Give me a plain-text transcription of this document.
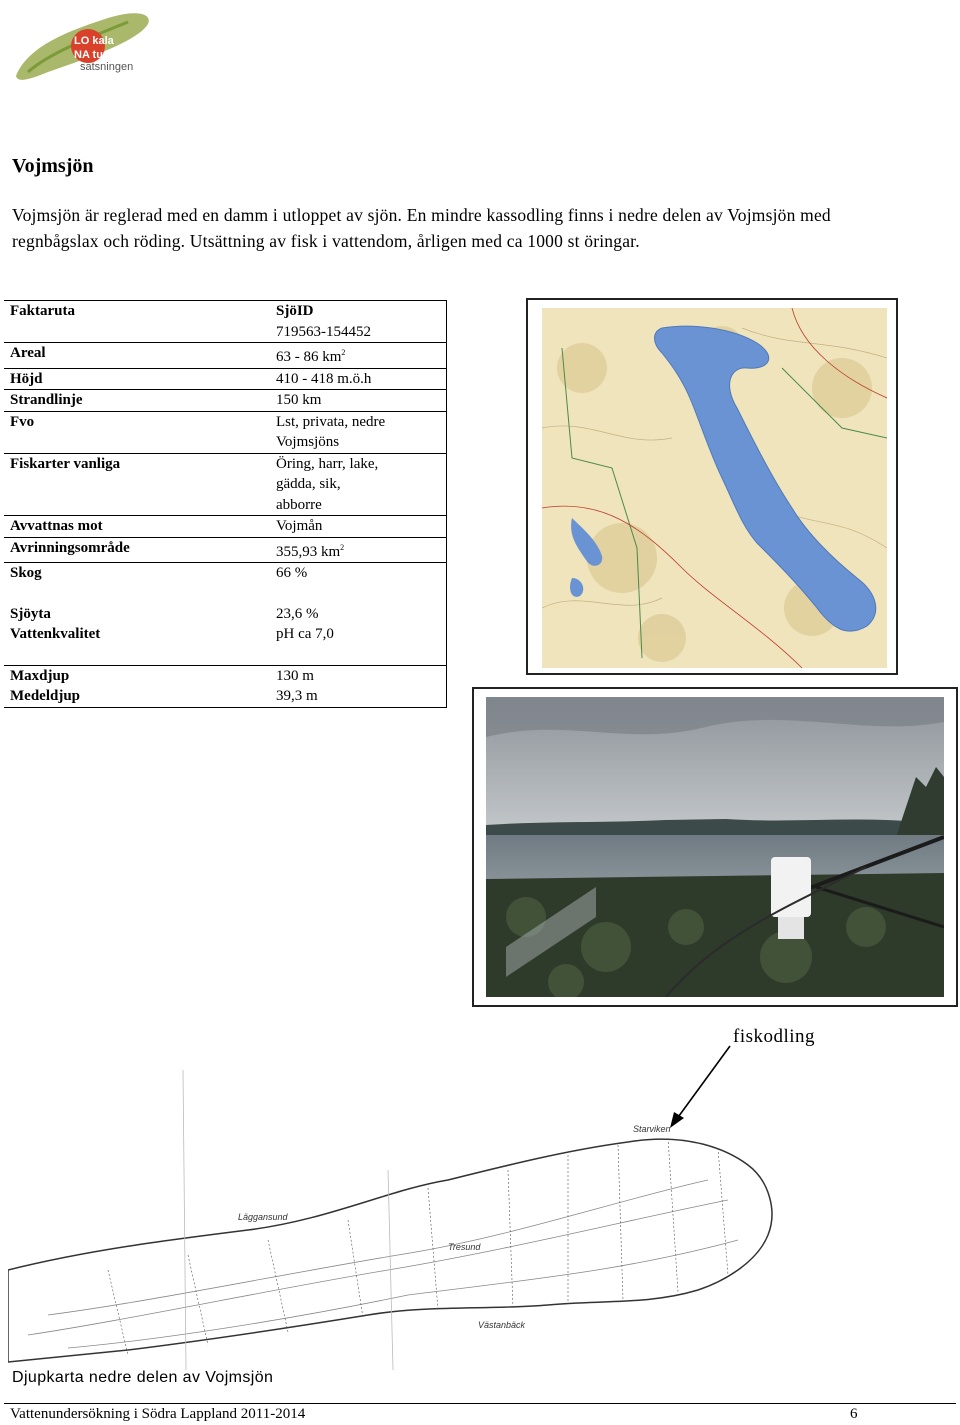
LO kala
NA turvårds
satsningen
Vojmsjön
Vojmsjön är reglerad med en damm i utloppet av sjön. En mindre kassodling finns i nedre delen av Vojmsjön med regnbågslax och röding. Utsättning av fisk i vattendom, årligen med ca 1000 st öringar.
Faktaruta	SjöID
719563-154452

Areal	63 - 86 $km^2$
Höjd	410 - 418 m.ö.h

Strandlinje	150 km
Fvo	Lst, privata, nedre Vojmsjöns

Fiskarter vanliga	Öring, harr, lake, gädda, sik, abborre

Avvattnas mot	Vojmån
Avrinningsområde	355,93 $km^2$
Skog	66 %

Sjöyta	23,6 %
Vattenkvalitet	pH ca 7,0

Maxdjup	130 m
Medeldjup	39,3 m
fiskodling
Starviken
Läggansund
Tresund
Västanbäck
Djupkarta nedre delen av Vojmsjön
Vattenundersökning i Södra Lappland 2011-2014	6
